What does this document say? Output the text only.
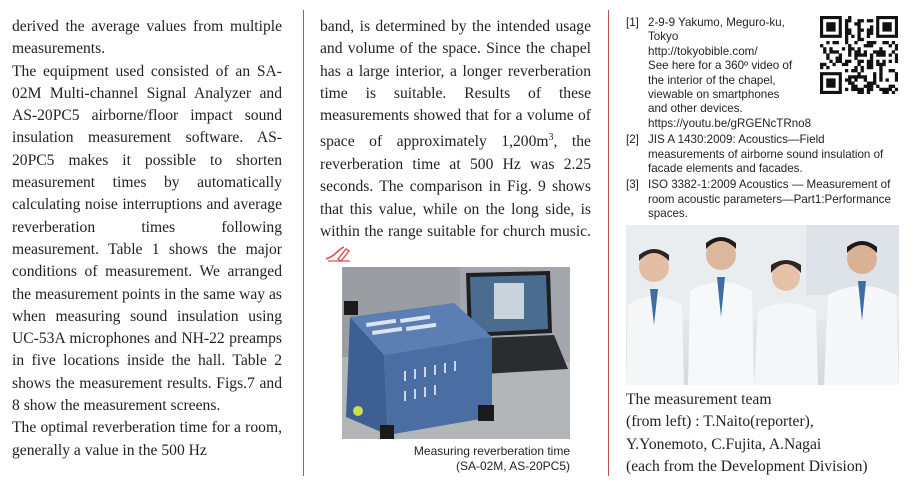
derived the average values from multiple measurements.

The equipment used consisted of an SA-02M Multi-channel Signal Analyzer and AS-20PC5 airborne/floor impact sound insulation measurement software. AS-20PC5 makes it possible to shorten measurement times by automatically calculating noise interruptions and average reverberation times following measurement. Table 1 shows the major conditions of measurement. We arranged the measurement points in the same way as when measuring sound insulation using UC-53A microphones and NH-22 preamps in five locations inside the hall. Table 2 shows the measurement results. Figs.7 and 8 show the measurement screens.

The optimal reverberation time for a room, generally a value in the 500 Hz

band, is determined by the intended usage and volume of the space. Since the chapel has a large interior, a longer reverberation time is suitable. Results of these measurements showed that for a volume of space of approximately $1,200m^3$, the reverberation time at 500 Hz was 2.25 seconds. The comparison in Fig. 9 shows that this value, while on the long side, is within the range suitable for church music.

Measuring reverberation time
(SA-02M, AS-20PC5)
[1] 2-9-9 Yakumo, Meguro-ku, Tokyo
http://tokyobible.com/
See here for a 360º video of
the interior of the chapel,
viewable on smartphones
and other devices.
https://youtu.be/gRGENcTRno8
[2] JIS A 1430:2009: Acoustics—Field measurements of airborne sound insulation of facade elements and facades.
[3] ISO 3382-1:2009 Acoustics — Measurement of room acoustic parameters—Part1:Performance spaces.
The measurement team
(from left) : T.Naito(reporter),
Y.Yonemoto, C.Fujita, A.Nagai
(each from the Development Division)
